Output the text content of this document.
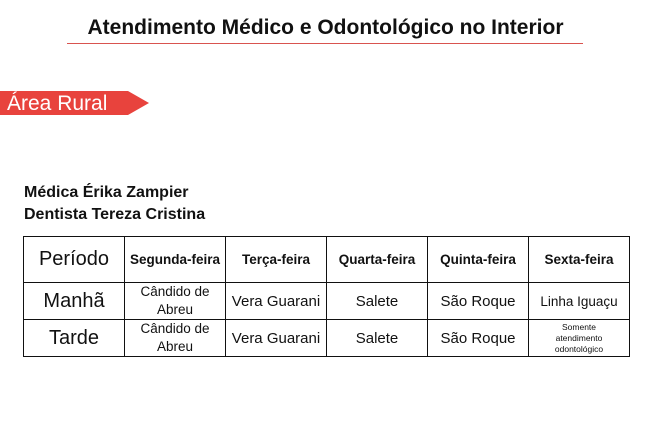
Atendimento Médico e Odontológico no Interior
Área Rural
Médica Érika Zampier
Dentista Tereza Cristina
Período	Segunda-feira	Terça-feira	Quarta-feira	Quinta-feira	Sexta-feira
Manhã	Cândido de Abreu	Vera Guarani	Salete	São Roque	Linha Iguaçu
Tarde	Cândido de Abreu	Vera Guarani	Salete	São Roque	Somente atendimento odontológico
